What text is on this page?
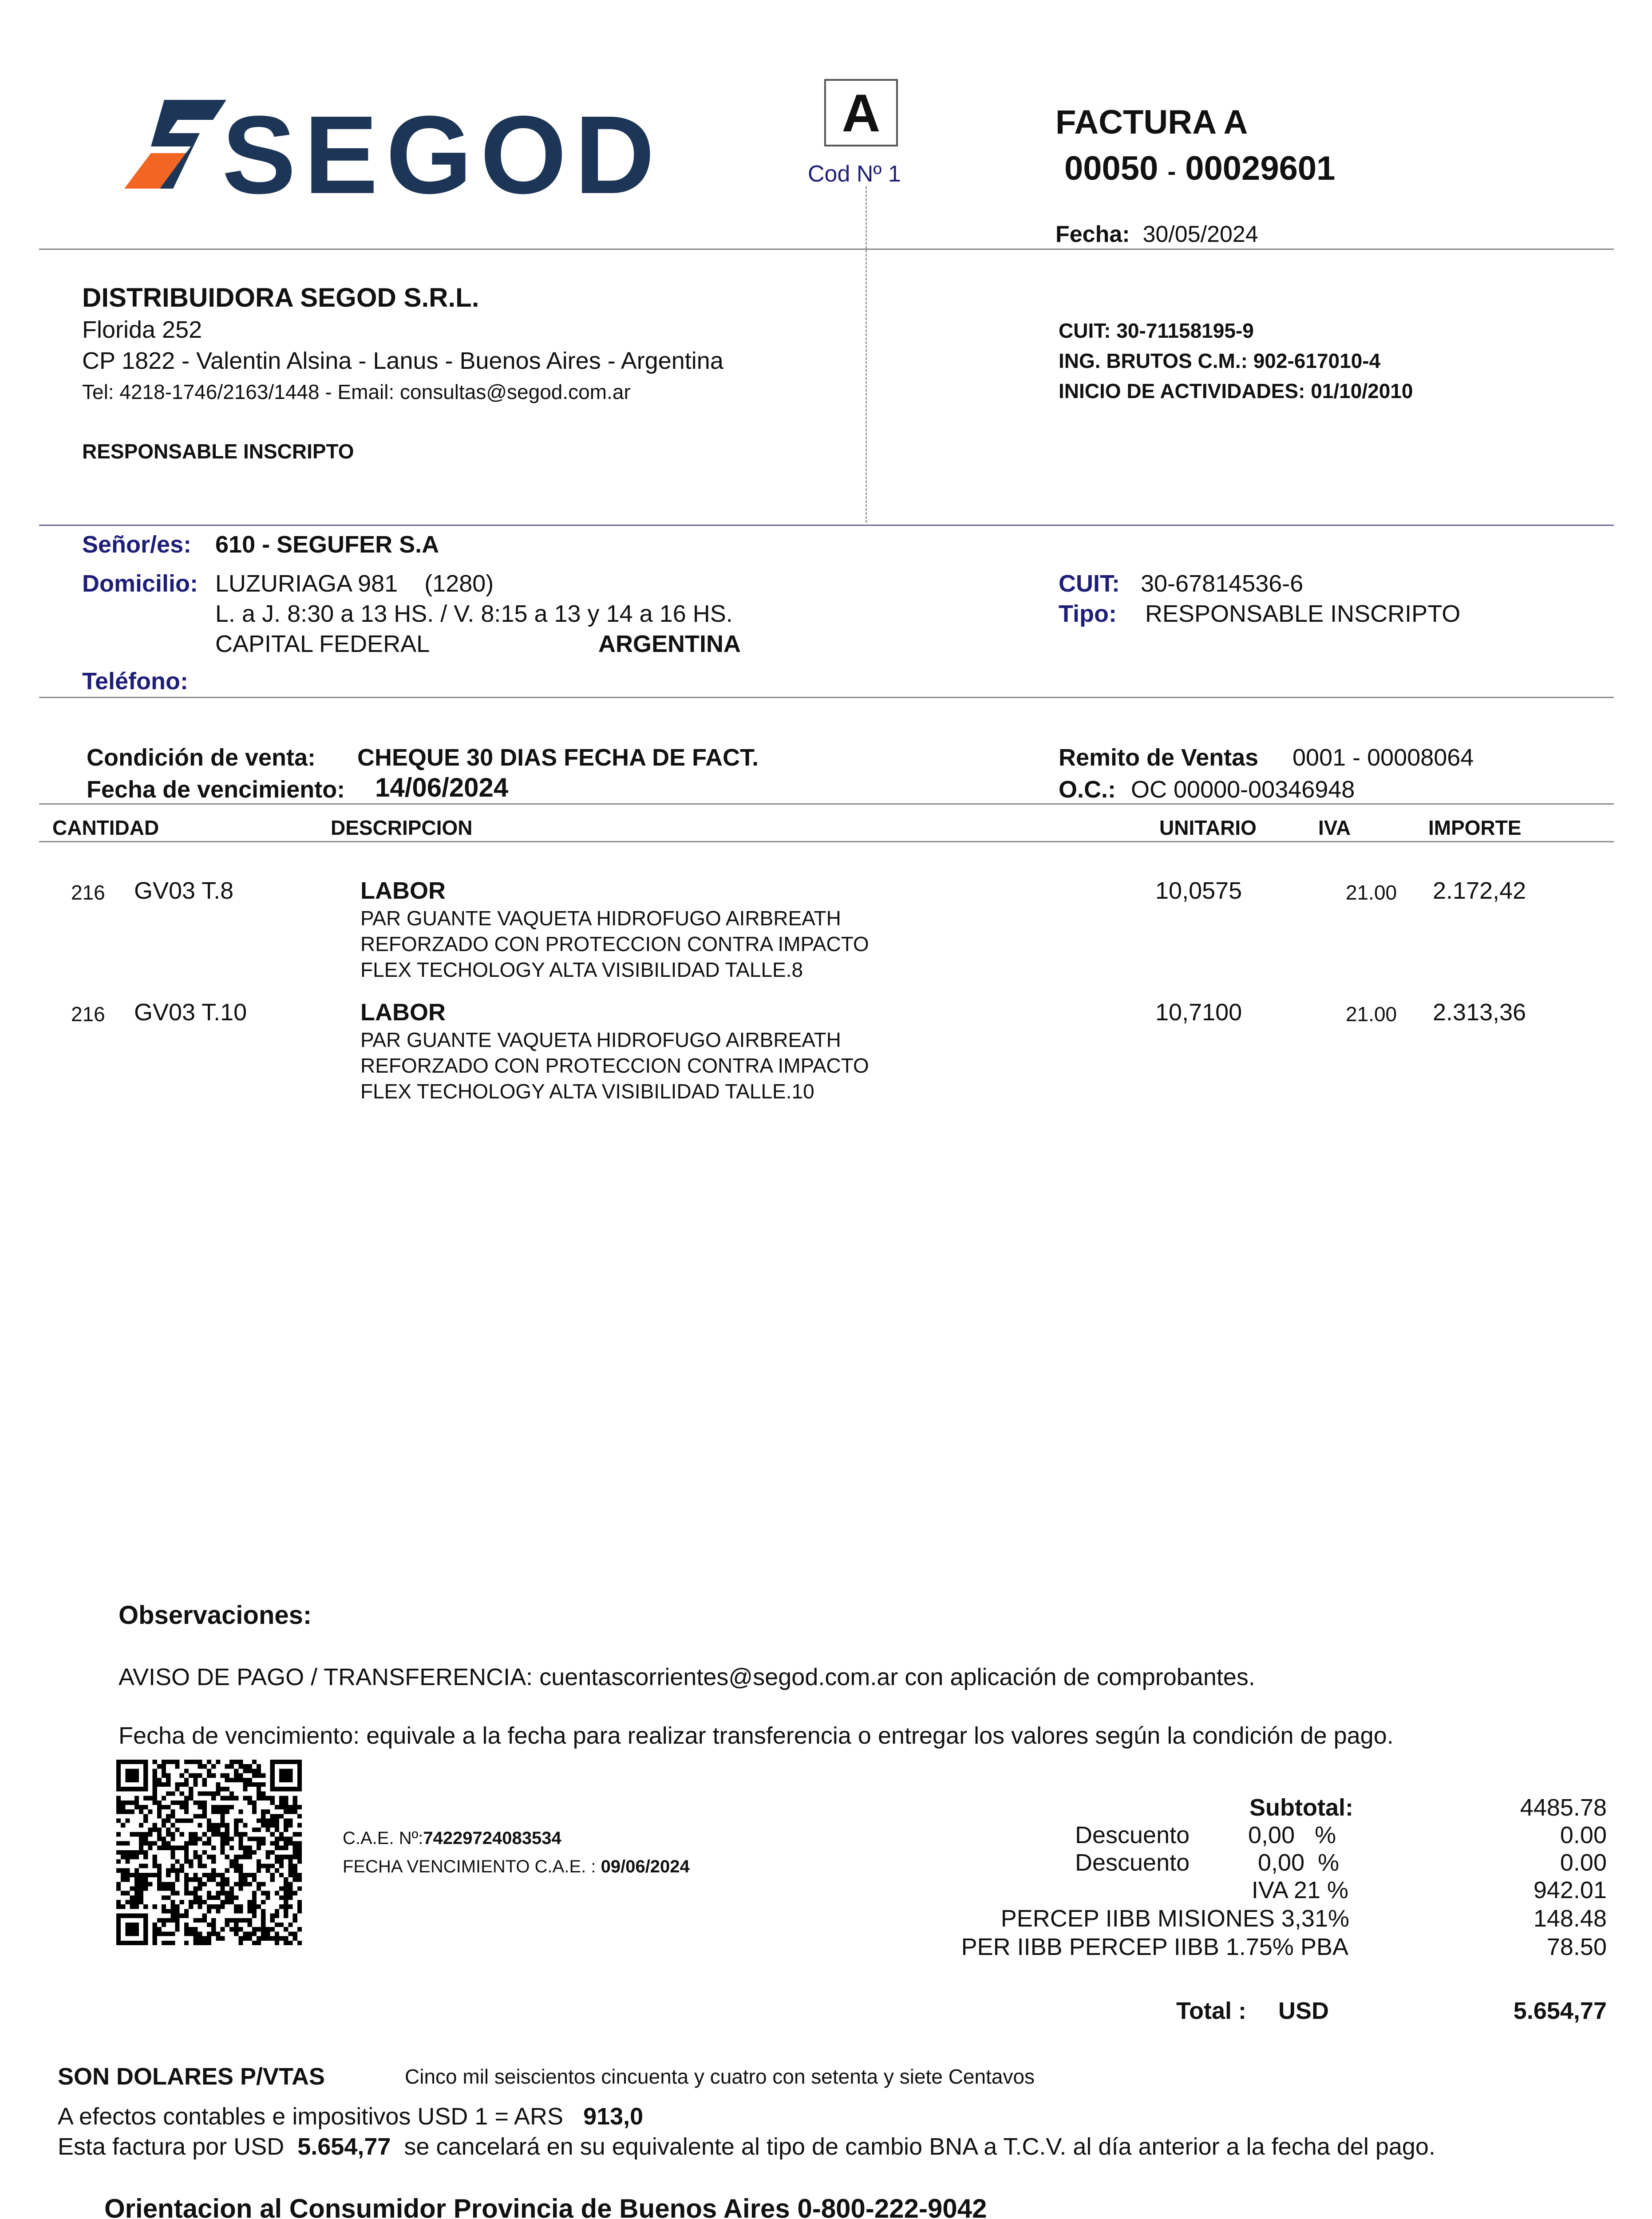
SEGOD	A
Cod Nº 1
FACTURA A
00050 - 00029601
Fecha: 30/05/2024
DISTRIBUIDORA SEGOD S.R.L.
Florida 252
CP 1822 - Valentin Alsina - Lanus - Buenos Aires - Argentina
Tel: 4218-1746/2163/1448 - Email: consultas@segod.com.ar
RESPONSABLE INSCRIPTO
CUIT: 30-71158195-9
ING. BRUTOS C.M.: 902-617010-4
INICIO DE ACTIVIDADES: 01/10/2010
Señor/es: 610 - SEGUFER S.A
Domicilio: LUZURIAGA 981 (1280)
L. a J. 8:30 a 13 HS. / V. 8:15 a 13 y 14 a 16 HS.
CAPITAL FEDERAL	ARGENTINA
Teléfono:
CUIT: 30-67814536-6
Tipo: RESPONSABLE INSCRIPTO
Condición de venta: CHEQUE 30 DIAS FECHA DE FACT.
Fecha de vencimiento: 14/06/2024
Remito de Ventas 0001 - 00008064
O.C.: OC 00000-00346948
CANTIDAD	DESCRIPCION	UNITARIO	IVA	IMPORTE
216 GV03 T.8	LABOR
PAR GUANTE VAQUETA HIDROFUGO AIRBREATH
REFORZADO CON PROTECCION CONTRA IMPACTO
FLEX TECHOLOGY ALTA VISIBILIDAD TALLE.8
10,0575	21.00 2.172,42
216 GV03 T.10	LABOR
PAR GUANTE VAQUETA HIDROFUGO AIRBREATH
REFORZADO CON PROTECCION CONTRA IMPACTO
FLEX TECHOLOGY ALTA VISIBILIDAD TALLE.10
10,7100	21.00 2.313,36
Observaciones:
AVISO DE PAGO / TRANSFERENCIA: cuentascorrientes@segod.com.ar con aplicación de comprobantes.
Fecha de vencimiento: equivale a la fecha para realizar transferencia o entregar los valores según la condición de pago.
C.A.E. Nº:74229724083534
FECHA VENCIMIENTO C.A.E. : 09/06/2024
Subtotal:	4485.78
Descuento 0,00 %	0.00
Descuento	0,00 %	0.00
IVA 21 %	942.01
PERCEP IIBB MISIONES 3,31%	148.48
PER IIBB PERCEP IIBB 1.75% PBA	78.50
Total : USD	5.654,77
SON DOLARES P/VTAS	Cinco mil seiscientos cincuenta y cuatro con setenta y siete Centavos
A efectos contables e impositivos USD 1 = ARS 913,0
Esta factura por USD 5.654,77 se cancelará en su equivalente al tipo de cambio BNA a T.C.V. al día anterior a la fecha del pago.
Orientacion al Consumidor Provincia de Buenos Aires 0-800-222-9042
